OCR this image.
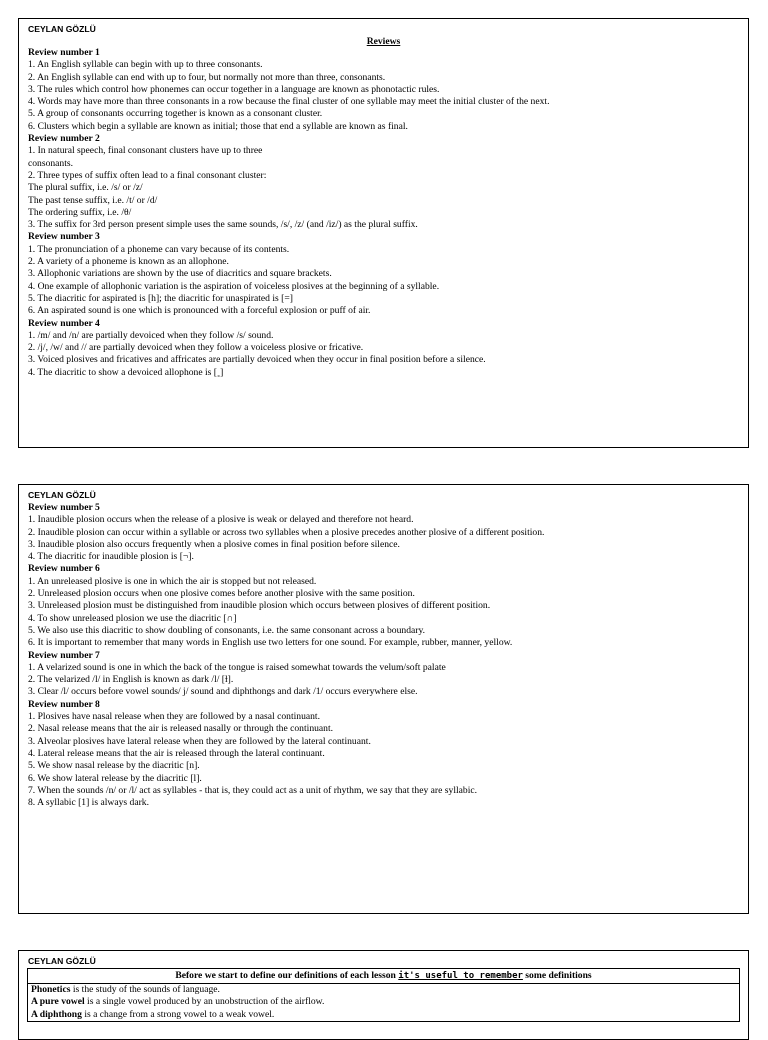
CEYLAN GÖZLÜ
Reviews
Review number 1
1. An English syllable can begin with up to three consonants.
2. An English syllable can end with up to four, but normally not more than three, consonants.
3. The rules which control how phonemes can occur together in a language are known as phonotactic rules.
4. Words may have more than three consonants in a row because the final cluster of one syllable may meet the initial cluster of the next.
5. A group of consonants occurring together is known as a consonant cluster.
6. Clusters which begin a syllable are known as initial; those that end a syllable are known as final.
Review number 2
1. In natural speech, final consonant clusters have up to three
consonants.
2. Three types of suffix often lead to a final consonant cluster:
The plural suffix, i.e. /s/ or /z/
The past tense suffix, i.e. /t/ or /d/
The ordering suffix, i.e. /θ/
3. The suffix for 3rd person present simple uses the same sounds, /s/, /z/ (and /iz/) as the plural suffix.
Review number 3
1. The pronunciation of a phoneme can vary because of its contents.
2. A variety of a phoneme is known as an allophone.
3. Allophonic variations are shown by the use of diacritics and square brackets.
4. One example of allophonic variation is the aspiration of voiceless plosives at the beginning of a syllable.
5. The diacritic for aspirated is [h]; the diacritic for unaspirated is [=]
6. An aspirated sound is one which is pronounced with a forceful explosion or puff of air.
Review number 4
1. /m/ and /n/ are partially devoiced when they follow /s/ sound.
2. /j/, /w/ and // are partially devoiced when they follow a voiceless plosive or fricative.
3. Voiced plosives and fricatives and affricates are partially devoiced when they occur in final position before a silence.
4. The diacritic to show a devoiced allophone is [˳]
CEYLAN GÖZLÜ
Review number 5
1. Inaudible plosion occurs when the release of a plosive is weak or delayed and therefore not heard.
2. Inaudible plosion can occur within a syllable or across two syllables when a plosive precedes another plosive of a different position.
3. Inaudible plosion also occurs frequently when a plosive comes in final position before silence.
4. The diacritic for inaudible plosion is [¬].
Review number 6
1. An unreleased plosive is one in which the air is stopped but not released.
2. Unreleased plosion occurs when one plosive comes before another plosive with the same position.
3. Unreleased plosion must be distinguished from inaudible plosion which occurs between plosives of different position.
4. To show unreleased plosion we use the diacritic [∩]
5. We also use this diacritic to show doubling of consonants, i.e. the same consonant across a boundary.
6. It is important to remember that many words in English use two letters for one sound. For example, rubber, manner, yellow.
Review number 7
1. A velarized sound is one in which the back of the tongue is raised somewhat towards the velum/soft palate
2. The velarized /l/ in English is known as dark /l/ [ɫ].
3. Clear /l/ occurs before vowel sounds/ j/ sound and diphthongs and dark /1/ occurs everywhere else.
Review number 8
1. Plosives have nasal release when they are followed by a nasal continuant.
2. Nasal release means that the air is released nasally or through the continuant.
3. Alveolar plosives have lateral release when they are followed by the lateral continuant.
4. Lateral release means that the air is released through the lateral continuant.
5. We show nasal release by the diacritic [n].
6. We show lateral release by the diacritic [l].
7. When the sounds /n/ or /l/ act as syllables - that is, they could act as a unit of rhythm, we say that they are syllabic.
8. A syllabic [1] is always dark.
CEYLAN GÖZLÜ
Before we start to define our definitions of each lesson it's useful to remember some definitions
Phonetics is the study of the sounds of language.
A pure vowel is a single vowel produced by an unobstruction of the airflow.
A diphthong is a change from a strong vowel to a weak vowel.
